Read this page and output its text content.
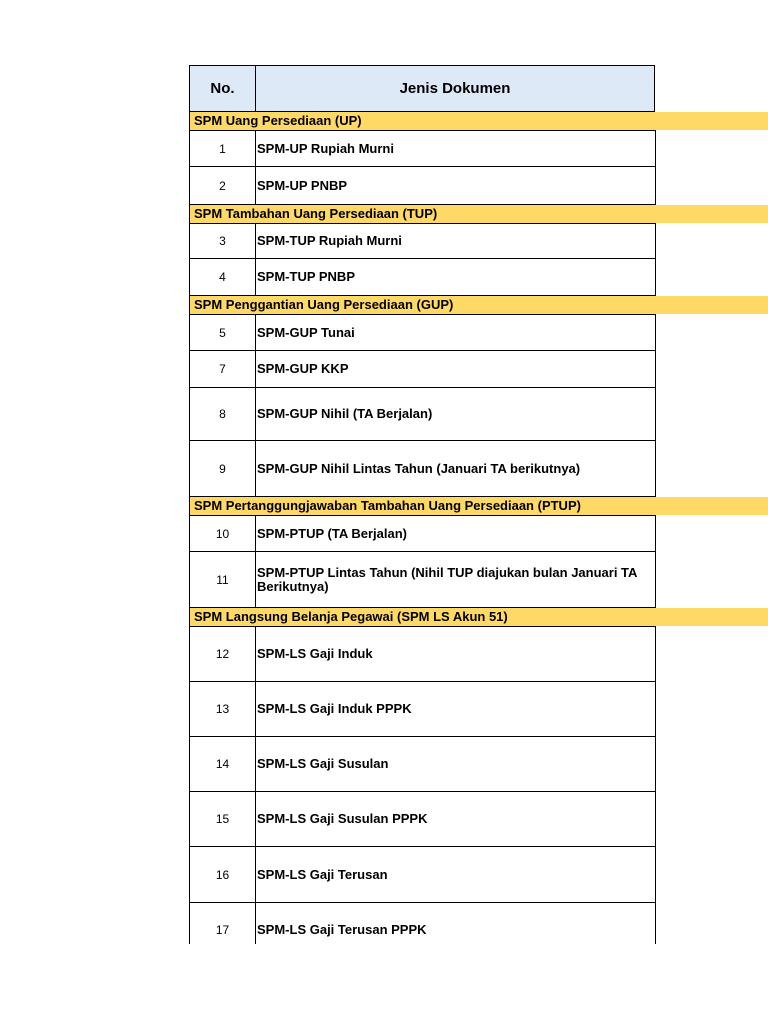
No.	Jenis Dokumen
SPM Uang Persediaan (UP)
1	SPM-UP Rupiah Murni
2	SPM-UP PNBP
SPM Tambahan Uang Persediaan (TUP)
3	SPM-TUP Rupiah Murni
4	SPM-TUP PNBP
SPM Penggantian Uang Persediaan (GUP)
5	SPM-GUP Tunai
7	SPM-GUP KKP
8	SPM-GUP Nihil (TA Berjalan)
9	SPM-GUP Nihil Lintas Tahun (Januari TA berikutnya)
SPM Pertanggungjawaban Tambahan Uang Persediaan (PTUP)
10	SPM-PTUP (TA Berjalan)
11	SPM-PTUP Lintas Tahun (Nihil TUP diajukan bulan Januari TA Berikutnya)
SPM Langsung Belanja Pegawai (SPM LS Akun 51)
12	SPM-LS Gaji Induk
13	SPM-LS Gaji Induk PPPK
14	SPM-LS Gaji Susulan
15	SPM-LS Gaji Susulan PPPK
16	SPM-LS Gaji Terusan
17	SPM-LS Gaji Terusan PPPK
